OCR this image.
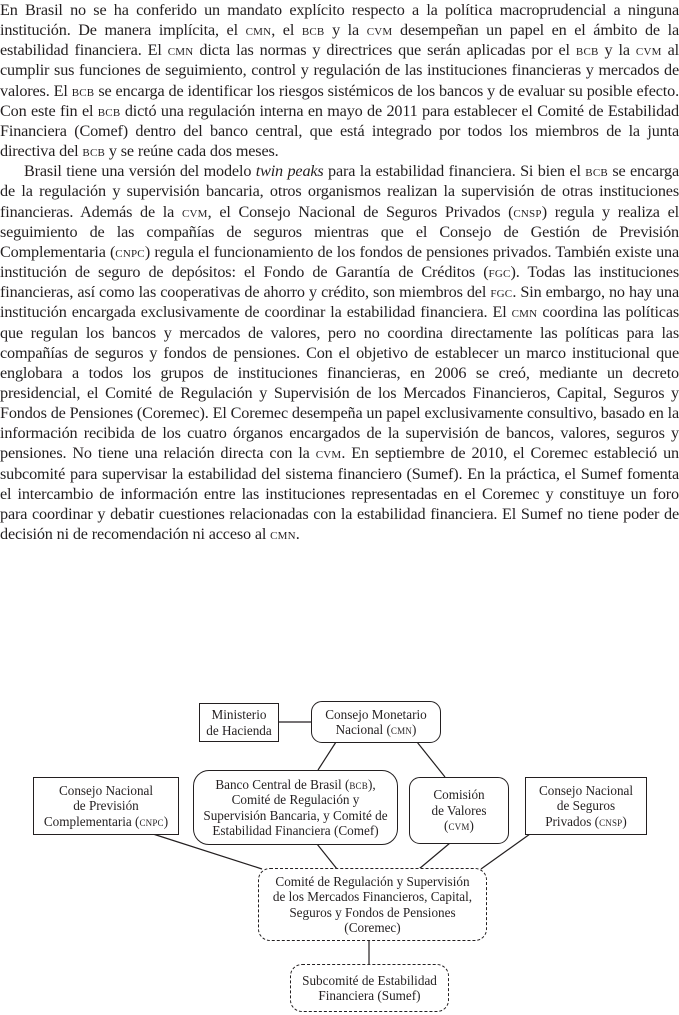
En Brasil no se ha conferido un mandato explícito respecto a la política macroprudencial a ninguna institución. De manera implícita, el cmn, el bcb y la cvm desempeñan un papel en el ámbito de la estabilidad financiera. El cmn dicta las normas y directrices que serán aplicadas por el bcb y la cvm al cumplir sus funciones de seguimiento, control y regulación de las instituciones financieras y mercados de valores. El bcb se encarga de identificar los riesgos sistémicos de los bancos y de evaluar su posible efecto. Con este fin el bcb dictó una regulación interna en mayo de 2011 para establecer el Comité de Estabilidad Financiera (Comef) dentro del banco central, que está integrado por todos los miembros de la junta directiva del bcb y se reúne cada dos meses.

Brasil tiene una versión del modelo twin peaks para la estabilidad financiera. Si bien el bcb se encarga de la regulación y supervisión bancaria, otros organismos realizan la supervisión de otras instituciones financieras. Además de la cvm, el Consejo Nacional de Seguros Privados (cnsp) regula y realiza el seguimiento de las compañías de seguros mientras que el Consejo de Gestión de Previsión Complementaria (cnpc) regula el funcionamiento de los fondos de pensiones privados. También existe una institución de seguro de depósitos: el Fondo de Garantía de Créditos (fgc). Todas las instituciones financieras, así como las cooperativas de ahorro y crédito, son miembros del fgc. Sin embargo, no hay una institución encargada exclusivamente de coordinar la estabilidad financiera. El cmn coordina las políticas que regulan los bancos y mercados de valores, pero no coordina directamente las políticas para las compañías de seguros y fondos de pensiones. Con el objetivo de establecer un marco institucional que englobara a todos los grupos de instituciones financieras, en 2006 se creó, mediante un decreto presidencial, el Comité de Regulación y Supervisión de los Mercados Financieros, Capital, Seguros y Fondos de Pensiones (Coremec). El Coremec desempeña un papel exclusivamente consultivo, basado en la información recibida de los cuatro órganos encargados de la supervisión de bancos, valores, seguros y pensiones. No tiene una relación directa con la cvm. En septiembre de 2010, el Coremec estableció un subcomité para supervisar la estabilidad del sistema financiero (Sumef). En la práctica, el Sumef fomenta el intercambio de información entre las instituciones representadas en el Coremec y constituye un foro para coordinar y debatir cuestiones relacionadas con la estabilidad financiera. El Sumef no tiene poder de decisión ni de recomendación ni acceso al cmn.

Ministerio
de Hacienda
Consejo Monetario
Nacional (cmn)
Banco Central de Brasil (bcb),
Comité de Regulación y
Supervisión Bancaria, y Comité de
Estabilidad Financiera (Comef)
Comisión
de Valores
(cvm)
Consejo Nacional
de Previsión
Complementaria (cnpc)
Consejo Nacional
de Seguros
Privados (cnsp)
Comité de Regulación y Supervisión
de los Mercados Financieros, Capital,
Seguros y Fondos de Pensiones
(Coremec)
Subcomité de Estabilidad
Financiera (Sumef)
